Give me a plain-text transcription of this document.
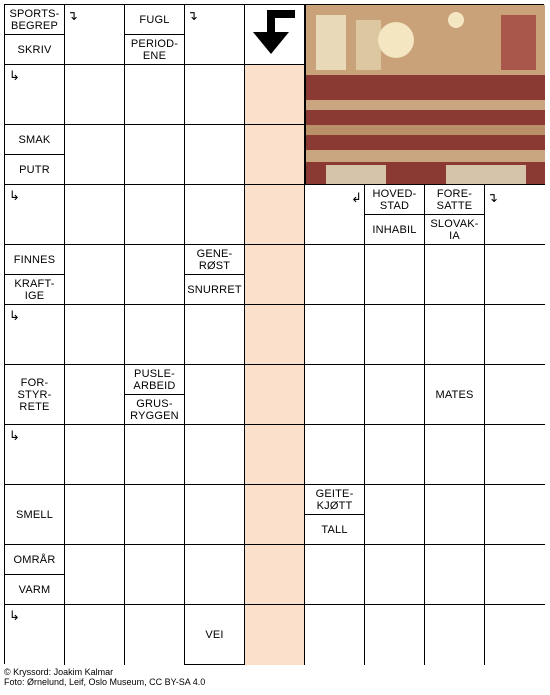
SPORTS-
BEGREP
SKRIV
FUGL
PERIOD-
ENE
SMAK
PUTR
HOVED-
STAD
INHABIL
FORE-
SATTE
SLOVAK-
IA
FINNES
KRAFT-
IGE
GENE-
RØST
SNURRET
FOR-
STYR-
RETE
PUSLE-
ARBEID
GRUS-
RYGGEN
MATES
SMELL
GEITE-
KJØTT
TALL
OMRÅR
VARM
VEI
↴	↴
↳
↳
↳
↳
↳
↲	↴
© Kryssord: Joakim Kalmar
Foto: Ørnelund, Leif, Oslo Museum, CC BY-SA 4.0
